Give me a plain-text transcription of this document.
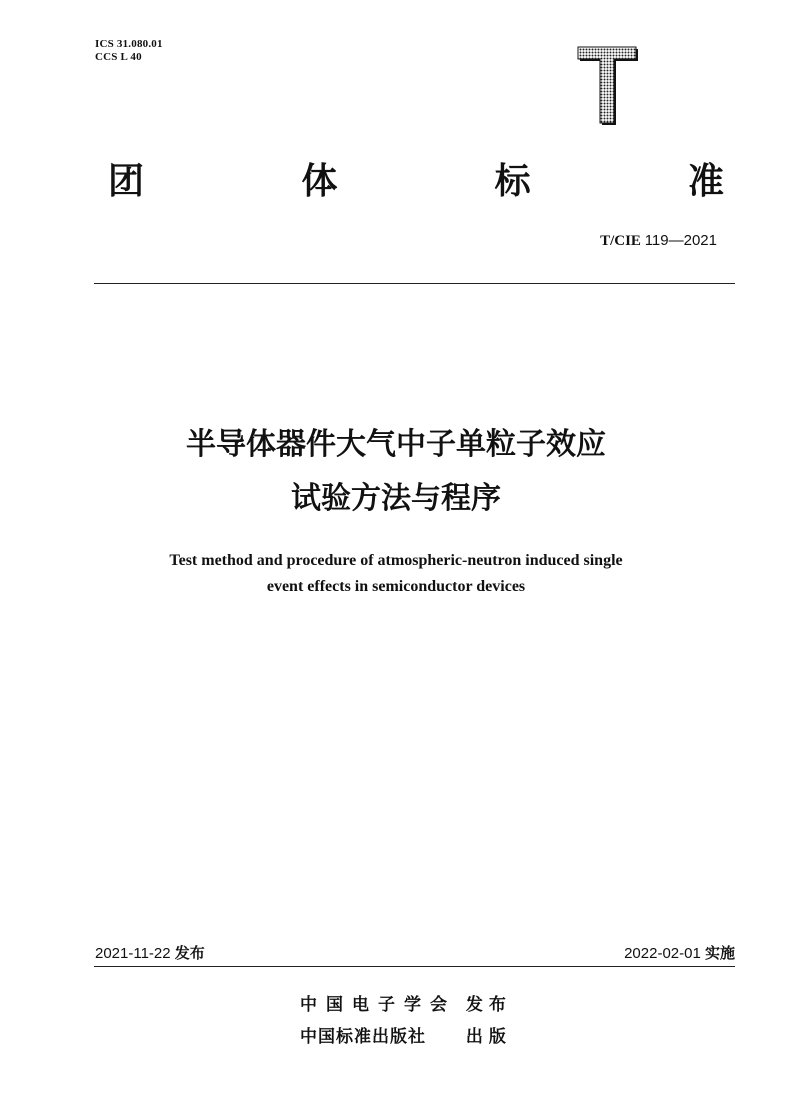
ICS 31.080.01
CCS L 40
团	体	标	准
T/CIE 119—2021
半导体器件大气中子单粒子效应
试验方法与程序
Test method and procedure of atmospheric-neutron induced single
event effects in semiconductor devices
2021-11-22 发布	2022-02-01 实施
中国电子学会 发布
中国标准出版社 出版
